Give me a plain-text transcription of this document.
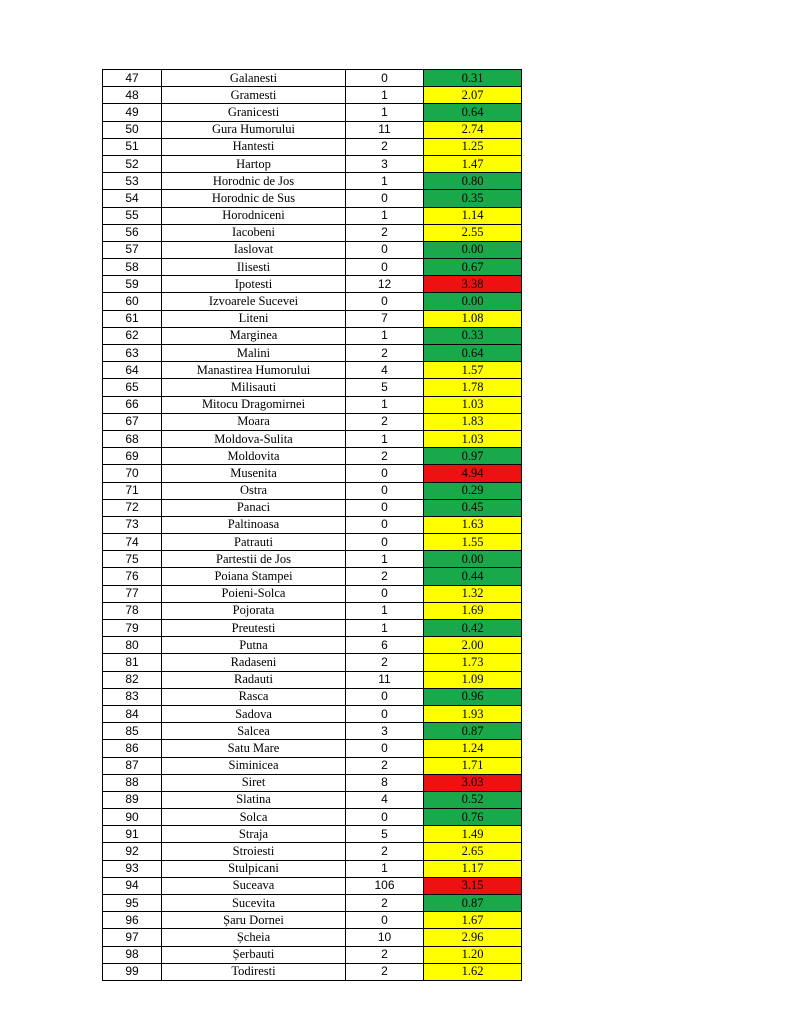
47	Galanesti	0	0.31
48	Gramesti	1	2.07
49	Granicesti	1	0.64
50	Gura Humorului	11	2.74
51	Hantesti	2	1.25
52	Hartop	3	1.47
53	Horodnic de Jos	1	0.80
54	Horodnic de Sus	0	0.35
55	Horodniceni	1	1.14
56	Iacobeni	2	2.55
57	Iaslovat	0	0.00
58	Ilisesti	0	0.67
59	Ipotesti	12	3.38
60	Izvoarele Sucevei	0	0.00
61	Liteni	7	1.08
62	Marginea	1	0.33
63	Malini	2	0.64
64	Manastirea Humorului	4	1.57
65	Milisauti	5	1.78
66	Mitocu Dragomirnei	1	1.03
67	Moara	2	1.83
68	Moldova-Sulita	1	1.03
69	Moldovita	2	0.97
70	Musenita	0	4.94
71	Ostra	0	0.29
72	Panaci	0	0.45
73	Paltinoasa	0	1.63
74	Patrauti	0	1.55
75	Partestii de Jos	1	0.00
76	Poiana Stampei	2	0.44
77	Poieni-Solca	0	1.32
78	Pojorata	1	1.69
79	Preutesti	1	0.42
80	Putna	6	2.00
81	Radaseni	2	1.73
82	Radauti	11	1.09
83	Rasca	0	0.96
84	Sadova	0	1.93
85	Salcea	3	0.87
86	Satu Mare	0	1.24
87	Siminicea	2	1.71
88	Siret	8	3.03
89	Slatina	4	0.52
90	Solca	0	0.76
91	Straja	5	1.49
92	Stroiesti	2	2.65
93	Stulpicani	1	1.17
94	Suceava	106	3.15
95	Sucevita	2	0.87
96	Șaru Dornei	0	1.67
97	Șcheia	10	2.96
98	Șerbauti	2	1.20
99	Todiresti	2	1.62
